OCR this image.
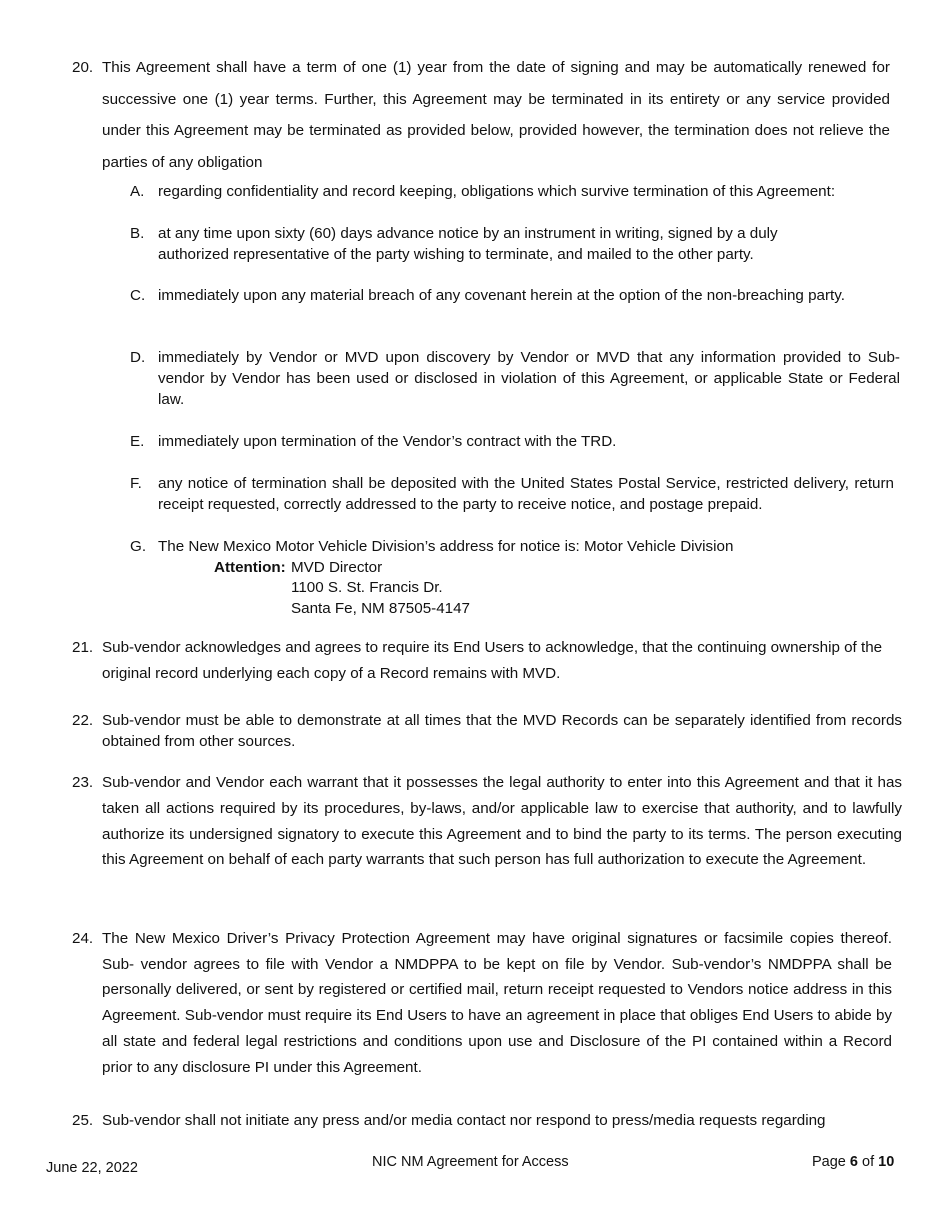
20. This Agreement shall have a term of one (1) year from the date of signing and may be automatically renewed for successive one (1) year terms. Further, this Agreement may be terminated in its entirety or any service provided under this Agreement may be terminated as provided below, provided however, the termination does not relieve the parties of any obligation
A. regarding confidentiality and record keeping, obligations which survive termination of this Agreement:
B. at any time upon sixty (60) days advance notice by an instrument in writing, signed by a duly authorized representative of the party wishing to terminate, and mailed to the other party.
C. immediately upon any material breach of any covenant herein at the option of the non-breaching party.
D. immediately by Vendor or MVD upon discovery by Vendor or MVD that any information provided to Sub-vendor by Vendor has been used or disclosed in violation of this Agreement, or applicable State or Federal law.
E. immediately upon termination of the Vendor’s contract with the TRD.
F. any notice of termination shall be deposited with the United States Postal Service, restricted delivery, return receipt requested, correctly addressed to the party to receive notice, and postage prepaid.
G. The New Mexico Motor Vehicle Division’s address for notice is: Motor Vehicle Division
Attention: MVD Director
1100 S. St. Francis Dr.
Santa Fe, NM 87505-4147
21. Sub-vendor acknowledges and agrees to require its End Users to acknowledge, that the continuing ownership of the original record underlying each copy of a Record remains with MVD.
22. Sub-vendor must be able to demonstrate at all times that the MVD Records can be separately identified from records obtained from other sources.
23. Sub-vendor and Vendor each warrant that it possesses the legal authority to enter into this Agreement and that it has taken all actions required by its procedures, by-laws, and/or applicable law to exercise that authority, and to lawfully authorize its undersigned signatory to execute this Agreement and to bind the party to its terms. The person executing this Agreement on behalf of each party warrants that such person has full authorization to execute the Agreement.
24. The New Mexico Driver’s Privacy Protection Agreement may have original signatures or facsimile copies thereof. Sub- vendor agrees to file with Vendor a NMDPPA to be kept on file by Vendor. Sub-vendor’s NMDPPA shall be personally delivered, or sent by registered or certified mail, return receipt requested to Vendors notice address in this Agreement. Sub-vendor must require its End Users to have an agreement in place that obliges End Users to abide by all state and federal legal restrictions and conditions upon use and Disclosure of the PI contained within a Record prior to any disclosure PI under this Agreement.
25. Sub-vendor shall not initiate any press and/or media contact nor respond to press/media requests regarding
June 22, 2022	NIC NM Agreement for Access	Page 6 of 10
